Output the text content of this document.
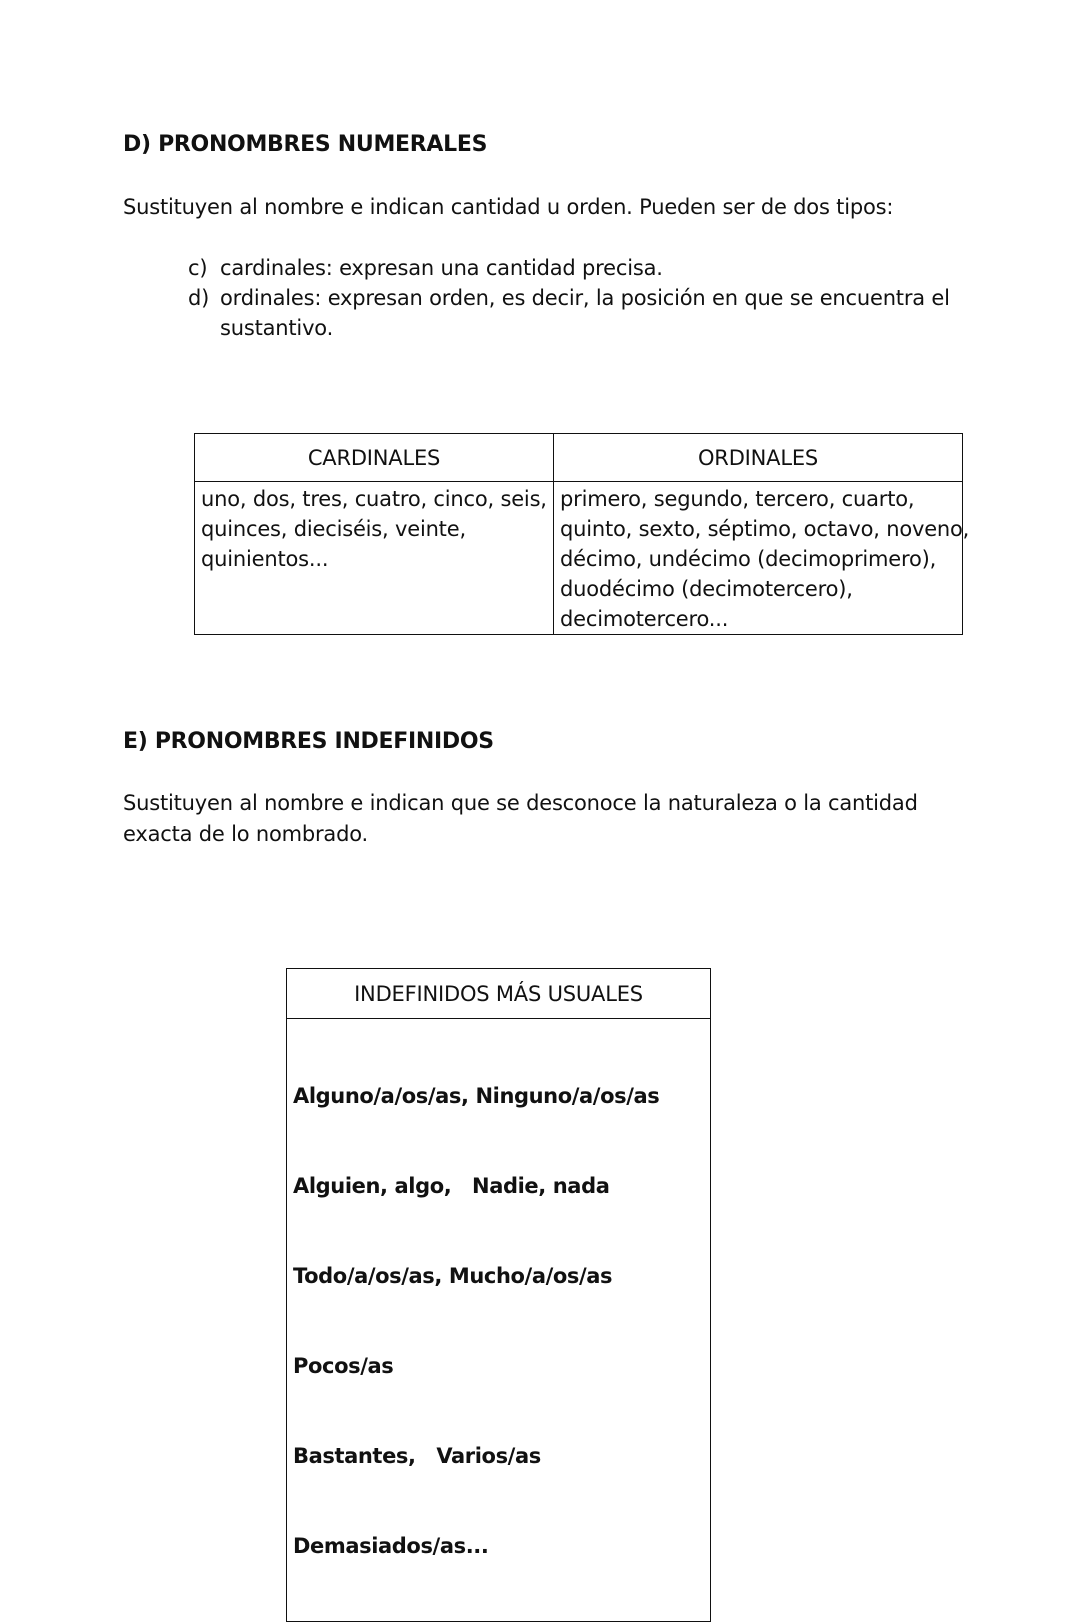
D) PRONOMBRES NUMERALES
Sustituyen al nombre e indican cantidad u orden. Pueden ser de dos tipos:
c) cardinales: expresan una cantidad precisa.
d) ordinales: expresan orden, es decir, la posición en que se encuentra el
sustantivo.
CARDINALES	ORDINALES

uno, dos, tres, cuatro, cinco, seis,
quinces, dieciséis, veinte,
quinientos...	primero, segundo, tercero, cuarto,
quinto, sexto, séptimo, octavo, noveno,
décimo, undécimo (decimoprimero),
duodécimo (decimotercero),
decimotercero...
E) PRONOMBRES INDEFINIDOS
Sustituyen al nombre e indican que se desconoce la naturaleza o la cantidad
exacta de lo nombrado.
INDEFINIDOS MÁS USUALES

Alguno/a/os/as, Ninguno/a/os/as

Alguien, algo,   Nadie, nada

Todo/a/os/as, Mucho/a/os/as

Pocos/as

Bastantes,   Varios/as

Demasiados/as...
